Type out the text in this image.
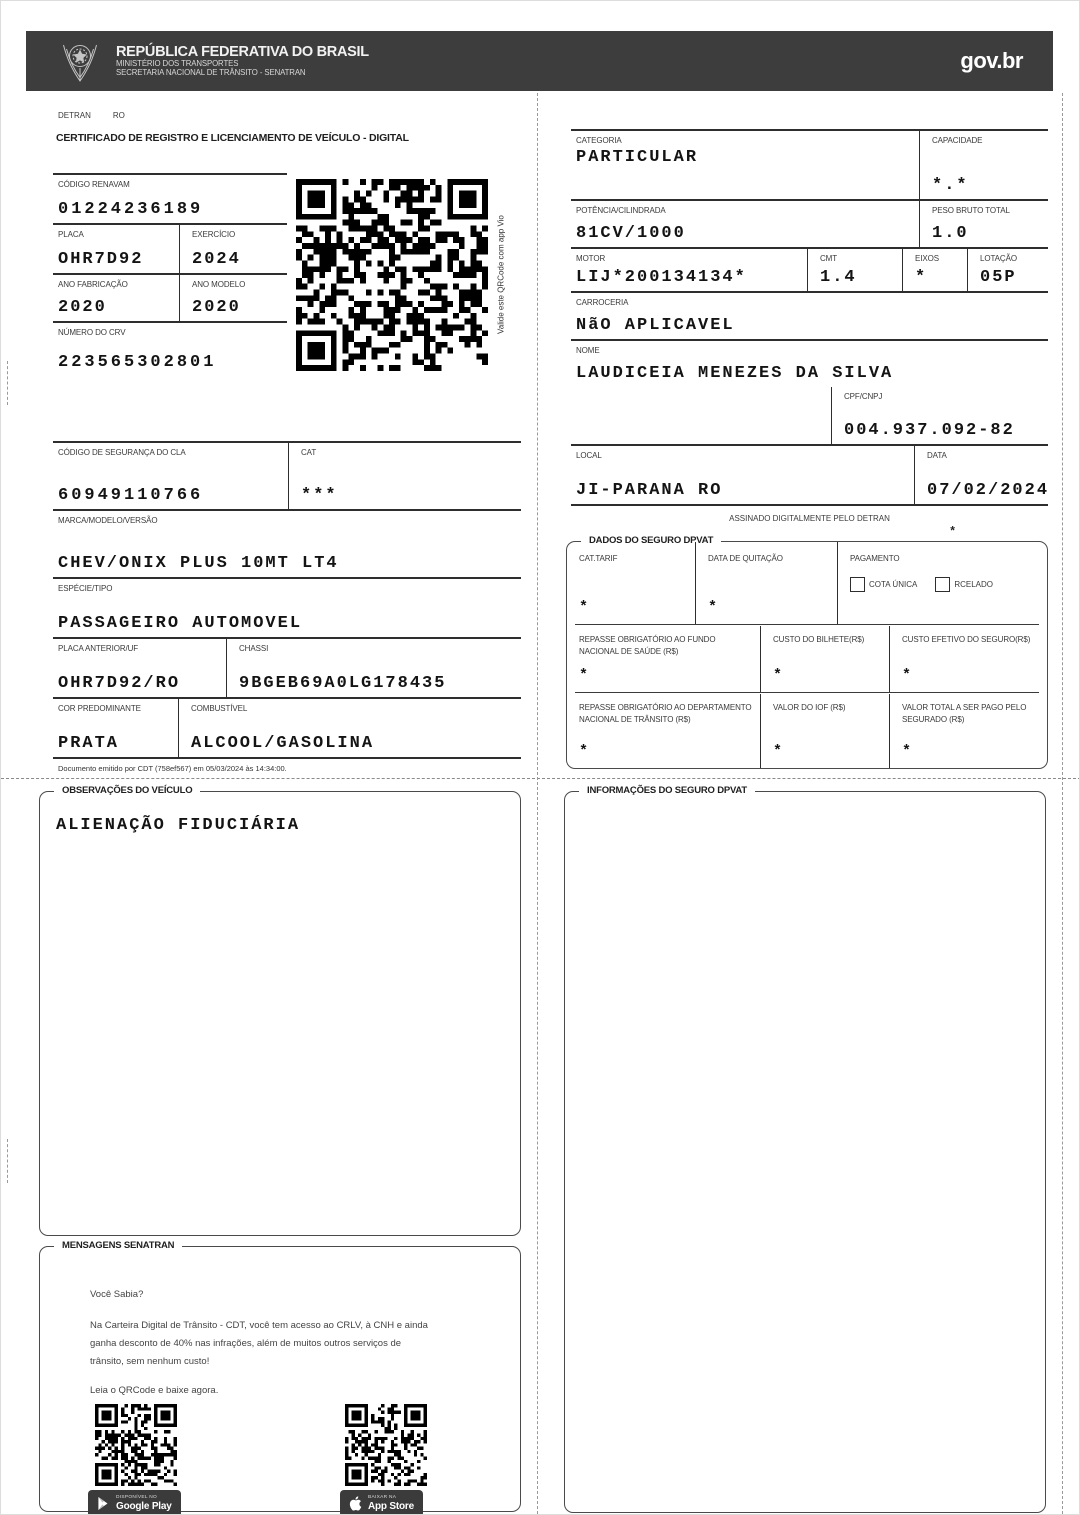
REPÚBLICA FEDERATIVA DO BRASIL
MINISTÉRIO DOS TRANSPORTES
SECRETARIA NACIONAL DE TRÂNSITO - SENATRAN	gov.br
DETRAN	RO
CERTIFICADO DE REGISTRO E LICENCIAMENTO DE VEÍCULO - DIGITAL
CÓDIGO RENAVAM
01224236189
PLACA
OHR7D92
EXERCÍCIO
2024
ANO FABRICAÇÃO
2020
ANO MODELO
2020
NÚMERO DO CRV
223565302801
Valide este QRCode com app Vio
CÓDIGO DE SEGURANÇA DO CLA
60949110766
CAT
***
MARCA/MODELO/VERSÃO
CHEV/ONIX PLUS 10MT LT4
ESPÉCIE/TIPO
PASSAGEIRO AUTOMOVEL
PLACA ANTERIOR/UF
OHR7D92/RO
CHASSI
9BGEB69A0LG178435
COR PREDOMINANTE
PRATA
COMBUSTÍVEL
ALCOOL/GASOLINA
Documento emitido por CDT (758ef567) em 05/03/2024 às 14:34:00.
CATEGORIA
PARTICULAR
CAPACIDADE
*.*
POTÊNCIA/CILINDRADA
81CV/1000
PESO BRUTO TOTAL
1.0
MOTOR
LIJ*200134134*
CMT
1.4
EIXOS
*
LOTAÇÃO
05P
CARROCERIA
NãO APLICAVEL
NOME
LAUDICEIA MENEZES DA SILVA
CPF/CNPJ
004.937.092-82
LOCAL
JI-PARANA RO
DATA
07/02/2024
ASSINADO DIGITALMENTE PELO DETRAN
*
DADOS DO SEGURO DPVAT
CAT.TARIF
*
DATA DE QUITAÇÃO
*
PAGAMENTO
COTA ÚNICA	RCELADO
REPASSE OBRIGATÓRIO AO FUNDO NACIONAL DE SAÚDE (R$)
*
CUSTO DO BILHETE(R$)
*
CUSTO EFETIVO DO SEGURO(R$)
*
REPASSE OBRIGATÓRIO AO DEPARTAMENTO NACIONAL DE TRÂNSITO (R$)
*
VALOR DO IOF (R$)
*
VALOR TOTAL A SER PAGO PELO SEGURADO (R$)
*
OBSERVAÇÕES DO VEÍCULO
ALIENAÇÃO FIDUCIÁRIA
INFORMAÇÕES DO SEGURO DPVAT
MENSAGENS SENATRAN
Você Sabia?
Na Carteira Digital de Trânsito - CDT, você tem acesso ao CRLV, à CNH e ainda ganha desconto de 40% nas infrações, além de muitos outros serviços de trânsito, sem nenhum custo!
Leia o QRCode e baixe agora.
DISPONÍVEL NO
Google Play
BAIXAR NA
App Store
